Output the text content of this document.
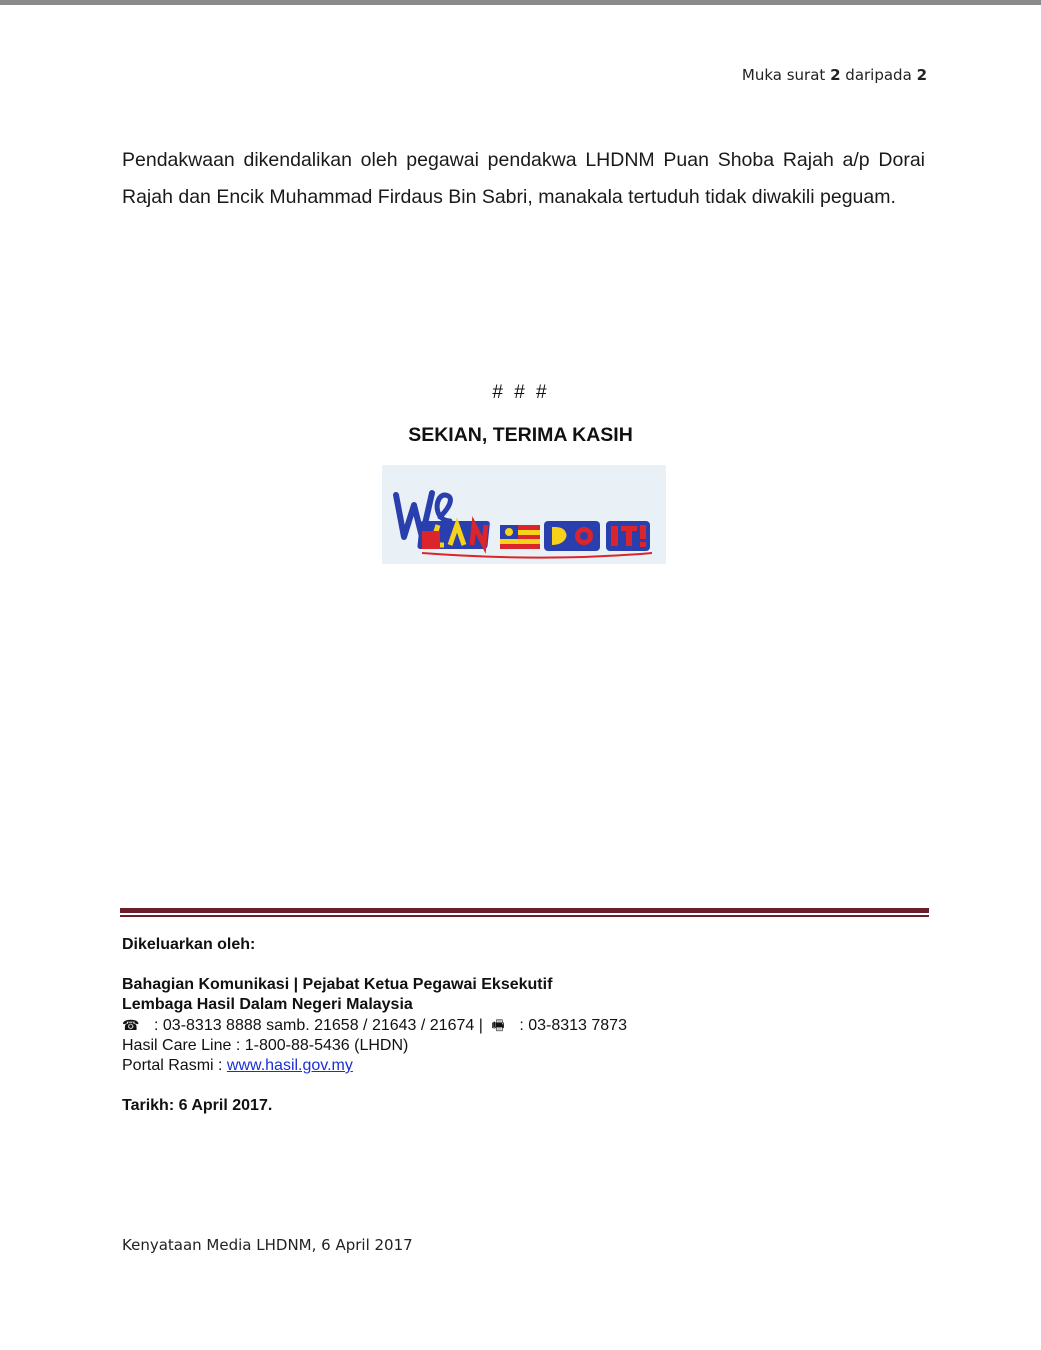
Muka surat 2 daripada 2

Pendakwaan dikendalikan oleh pegawai pendakwa LHDNM Puan Shoba Rajah a/p Dorai Rajah dan Encik Muhammad Firdaus Bin Sabri, manakala tertuduh tidak diwakili peguam.

# # #
SEKIAN, TERIMA KASIH
Dikeluarkan oleh:
Bahagian Komunikasi | Pejabat Ketua Pegawai Eksekutif
Lembaga Hasil Dalam Negeri Malaysia
☎ : 03-8313 8888 samb. 21658 / 21643 / 21674 | 🖷 : 03-8313 7873
Hasil Care Line : 1-800-88-5436 (LHDN)
Portal Rasmi : www.hasil.gov.my
Tarikh: 6 April 2017.
Kenyataan Media LHDNM, 6 April 2017
